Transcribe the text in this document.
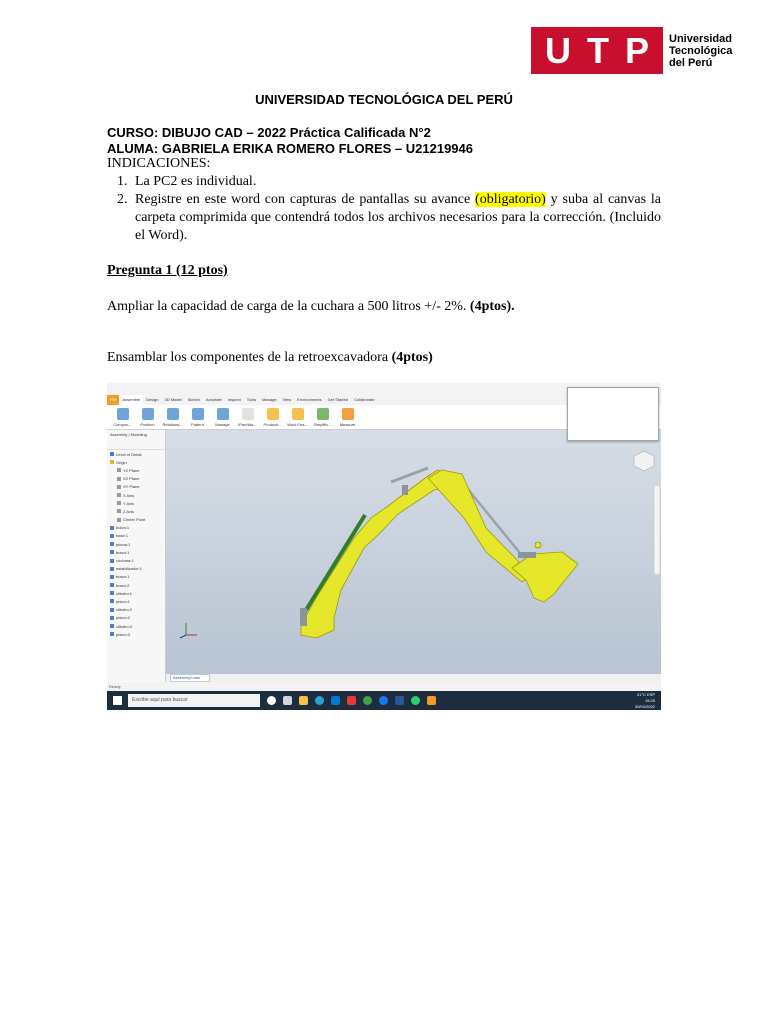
U T P Universidad
Tecnológica
del Perú
UNIVERSIDAD TECNOLÓGICA DEL PERÚ
CURSO: DIBUJO CAD – 2022 Práctica Calificada N°2
ALUMA: GABRIELA ERIKA ROMERO FLORES – U21219946
INDICACIONES:
1. La PC2 es individual.
2. Registre en este word con capturas de pantallas su avance (obligatorio) y suba al canvas la carpeta comprimida que contendrá todos los archivos necesarios para la corrección. (Incluido el Word).
Pregunta 1 (12 ptos)
Ampliar la capacidad de carga de la cuchara a 500 litros +/- 2%. (4ptos).
Ensamblar los componentes de la retroexcavadora (4ptos)
File	Assemble	Design	3D Model	Sketch	Annotate	Inspect	Tools	Manage	View	Environments	Get Started	Collaborate
Compon...	Position	Relations...	Pattern	Manage	iPart/iAs...	Producti...	Work Fea...	Simplific...	Measure
Assembly | Modeling
Level of Detail
Origin
YZ Plane
XZ Plane
XY Plane
X Axis
Y Axis
Z Axis
Center Point
bulon:1
base:1
pluma:1
brazo:1
cuchara:1
estabilizador:1
brazo:1
brazo:2
cilindro:1
piston:1
cilindro:2
piston:2
cilindro:3
piston:3
Assembly3.iam
Ready
Escribe aquí para buscar
21°C ESP
15:25
30/04/2022
